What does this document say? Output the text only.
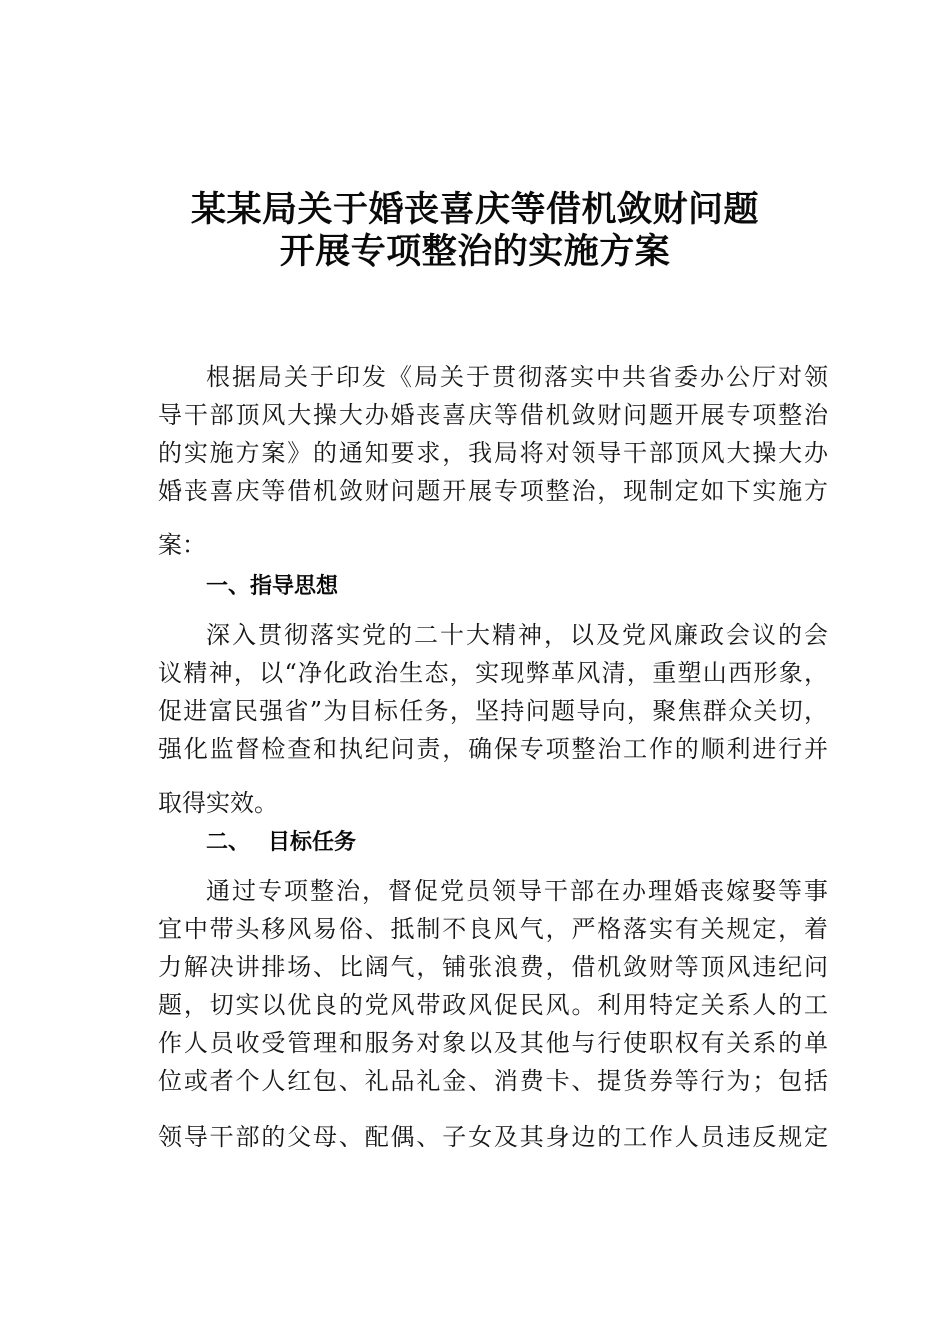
某某局关于婚丧喜庆等借机敛财问题
开展专项整治的实施方案
根据局关于印发《局关于贯彻落实中共省委办公厅对领
导干部顶风大操大办婚丧喜庆等借机敛财问题开展专项整治
的实施方案》的通知要求，我局将对领导干部顶风大操大办
婚丧喜庆等借机敛财问题开展专项整治，现制定如下实施方
案：
一、指导思想
深入贯彻落实党的二十大精神，以及党风廉政会议的会
议精神，以“净化政治生态，实现弊革风清，重塑山西形象，
促进富民强省”为目标任务，坚持问题导向，聚焦群众关切，
强化监督检查和执纪问责，确保专项整治工作的顺利进行并
取得实效。
二、 目标任务
通过专项整治，督促党员领导干部在办理婚丧嫁娶等事
宜中带头移风易俗、抵制不良风气，严格落实有关规定，着
力解决讲排场、比阔气，铺张浪费，借机敛财等顶风违纪问
题，切实以优良的党风带政风促民风。利用特定关系人的工
作人员收受管理和服务对象以及其他与行使职权有关系的单
位或者个人红包、礼品礼金、消费卡、提货券等行为；包括
领导干部的父母、配偶、子女及其身边的工作人员违反规定
